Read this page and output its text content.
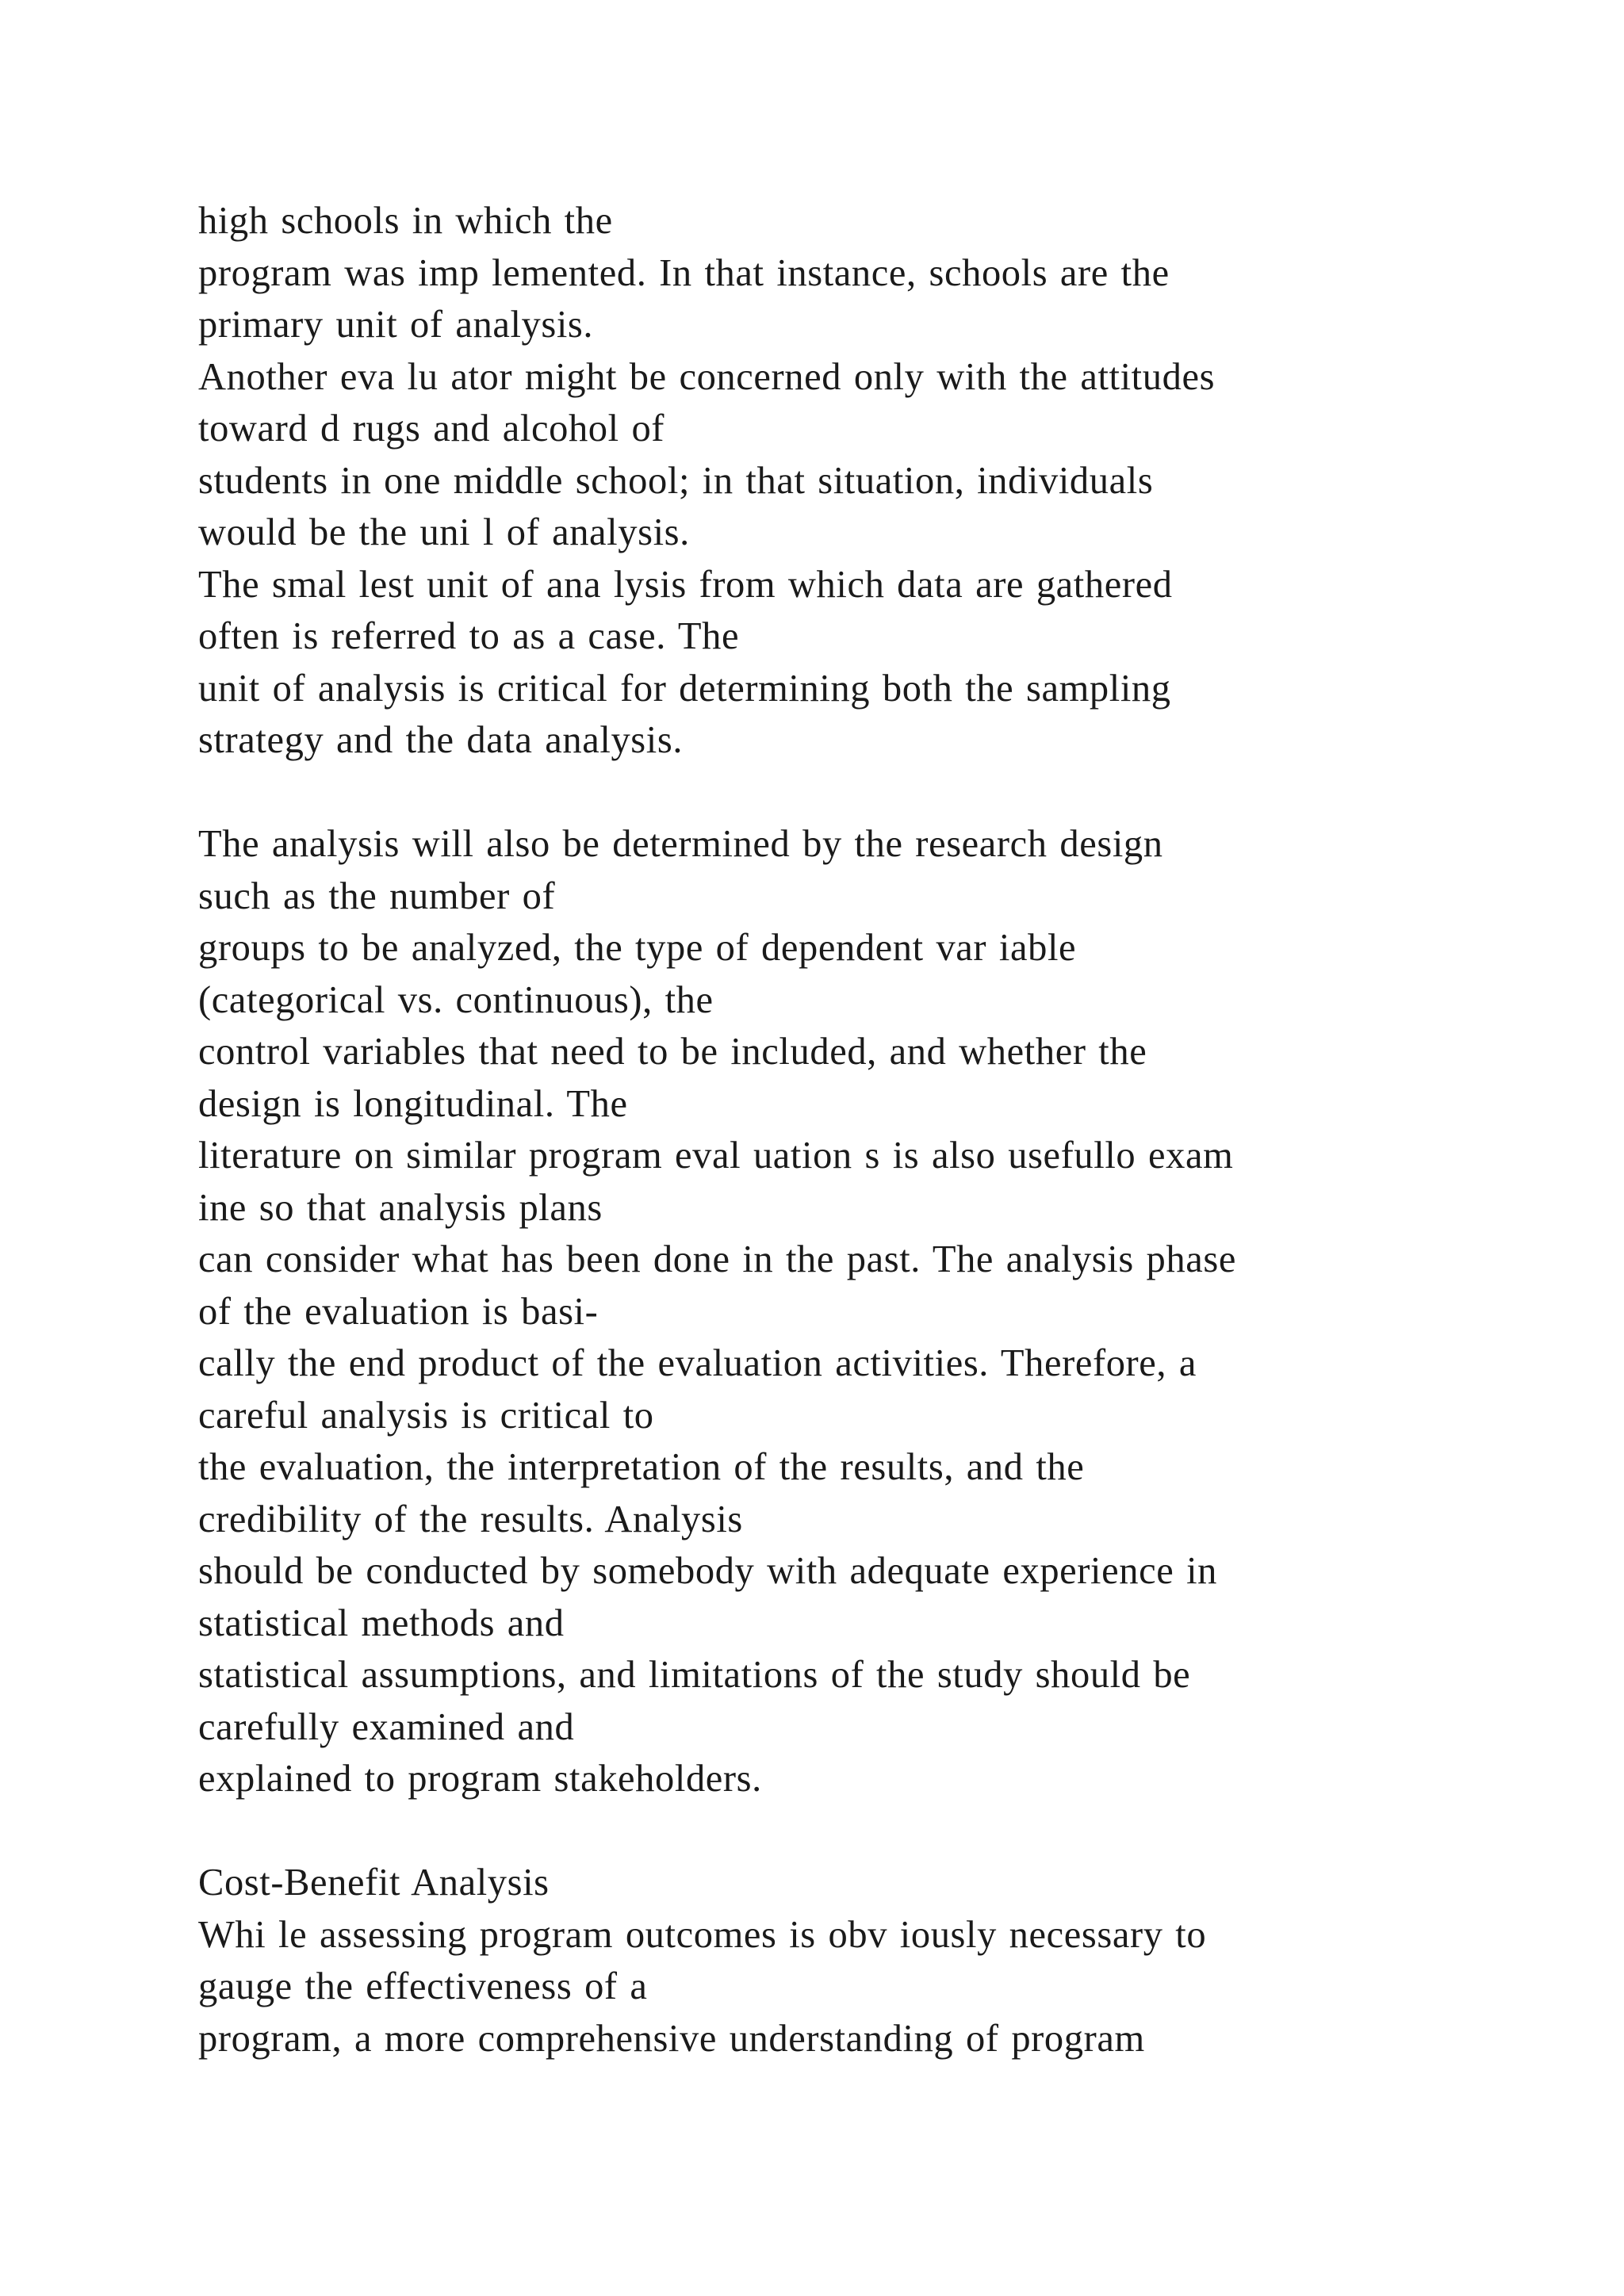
high schools in which the
program was imp lemented. In that instance, schools are the
primary unit of analysis.
Another eva lu ator might be concerned only with the attitudes
toward d rugs and alcohol of
students in one middle school; in that situation, individuals
would be the uni l of analysis.
The smal lest unit of ana lysis from which data are gathered
often is referred to as a case. The
unit of analysis is critical for determining both the sampling
strategy and the data analysis.
The analysis will also be determined by the research design
such as the number of
groups to be analyzed, the type of dependent var iable
(categorical vs. continuous), the
control variables that need to be included, and whether the
design is longitudinal. The
literature on similar program eval uation s is also usefullo exam
ine so that analysis plans
can consider what has been done in the past. The analysis phase
of the evaluation is basi-
cally the end product of the evaluation activities. Therefore, a
careful analysis is critical to
the evaluation, the interpretation of the results, and the
credibility of the results. Analysis
should be conducted by somebody with adequate experience in
statistical methods and
statistical assumptions, and limitations of the study should be
carefully examined and
explained to program stakeholders.
Cost-Benefit Analysis
Whi le assessing program outcomes is obv iously necessary to
gauge the effectiveness of a
program, a more comprehensive understanding of program
